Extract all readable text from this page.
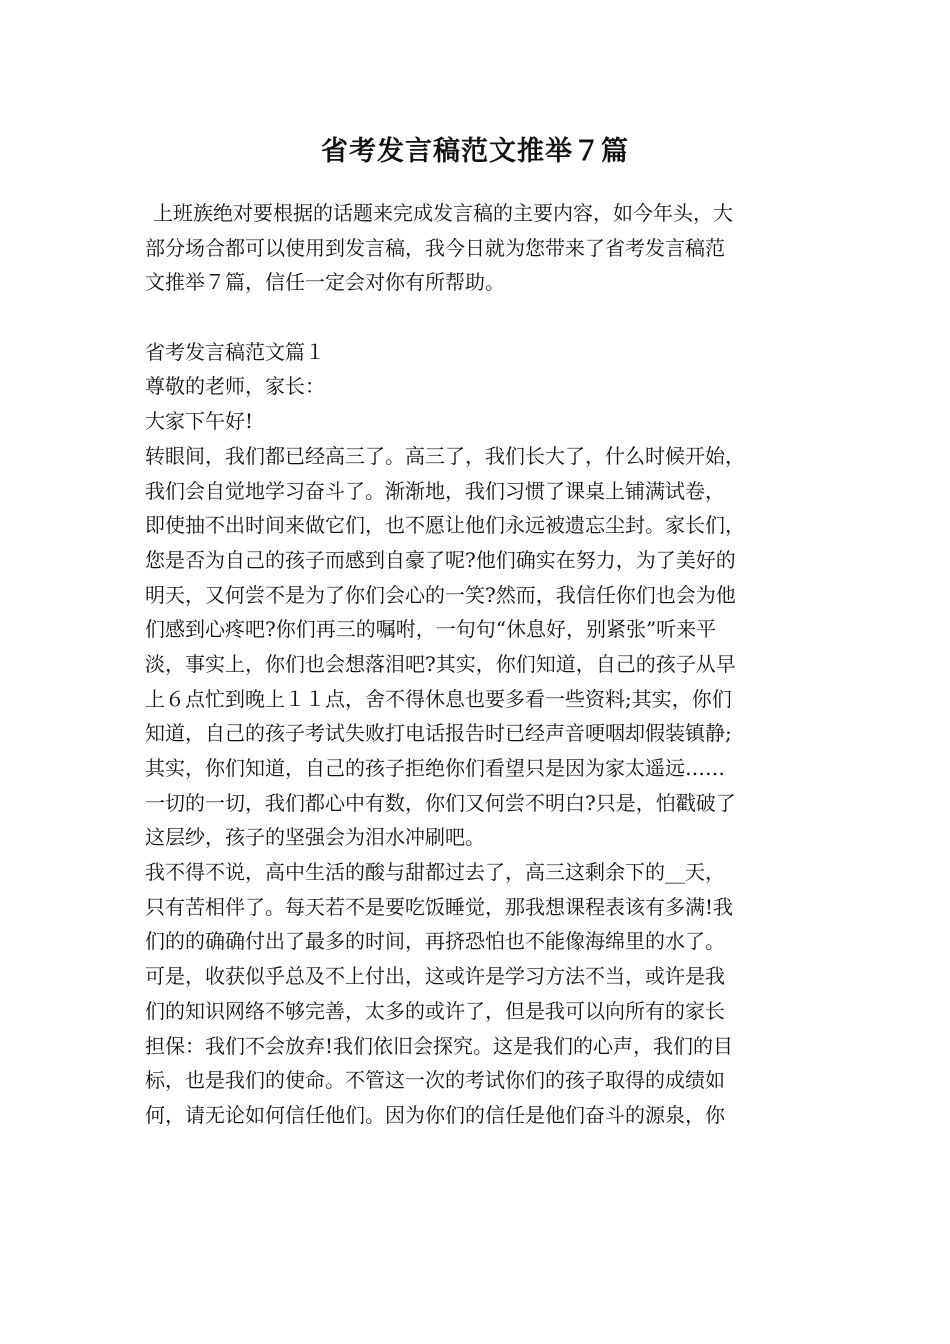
省考发言稿范文推举７篇
上班族绝对要根据的话题来完成发言稿的主要内容，如今年头，大
部分场合都可以使用到发言稿，我今日就为您带来了省考发言稿范
文推举７篇，信任一定会对你有所帮助。
省考发言稿范文篇１
尊敬的老师，家长：
大家下午好!
转眼间，我们都已经高三了。高三了，我们长大了，什么时候开始，
我们会自觉地学习奋斗了。渐渐地，我们习惯了课桌上铺满试卷，
即使抽不出时间来做它们，也不愿让他们永远被遗忘尘封。家长们，
您是否为自己的孩子而感到自豪了呢?他们确实在努力，为了美好的
明天，又何尝不是为了你们会心的一笑?然而，我信任你们也会为他
们感到心疼吧?你们再三的嘱咐，一句句“休息好，别紧张”听来平
淡，事实上，你们也会想落泪吧?其实，你们知道，自己的孩子从早
上６点忙到晚上１１点，舍不得休息也要多看一些资料;其实，你们
知道，自己的孩子考试失败打电话报告时已经声音哽咽却假装镇静;
其实，你们知道，自己的孩子拒绝你们看望只是因为家太遥远……
一切的一切，我们都心中有数，你们又何尝不明白?只是，怕戳破了
这层纱，孩子的坚强会为泪水冲刷吧。
我不得不说，高中生活的酸与甜都过去了，高三这剩余下的__天，
只有苦相伴了。每天若不是要吃饭睡觉，那我想课程表该有多满!我
们的的确确付出了最多的时间，再挤恐怕也不能像海绵里的水了。
可是，收获似乎总及不上付出，这或许是学习方法不当，或许是我
们的知识网络不够完善，太多的或许了，但是我可以向所有的家长
担保：我们不会放弃!我们依旧会探究。这是我们的心声，我们的目
标，也是我们的使命。不管这一次的考试你们的孩子取得的成绩如
何，请无论如何信任他们。因为你们的信任是他们奋斗的源泉，你
